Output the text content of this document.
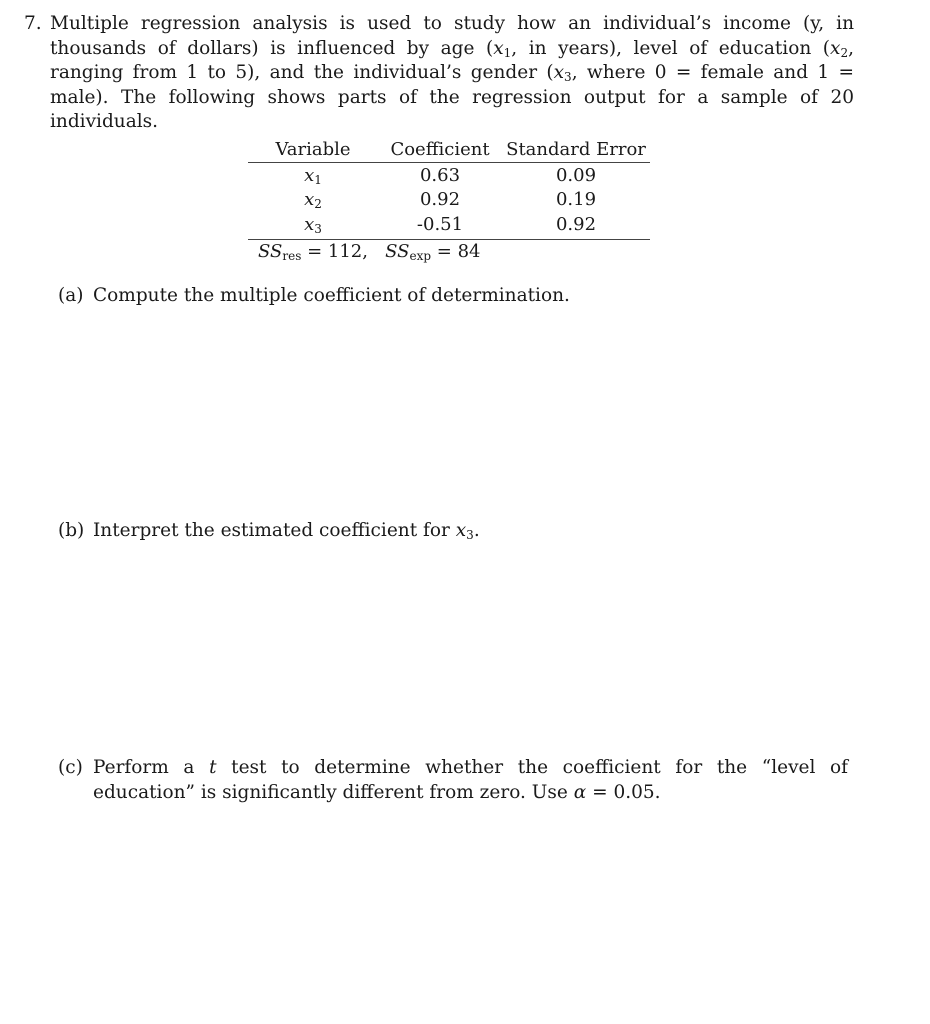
7. Multiple regression analysis is used to study how an individual’s income (y, in thousands of dollars) is influenced by age ($x_1$, in years), level of education ($x_2$, ranging from 1 to 5), and the individual’s gender ($x_3$, where 0 = female and 1 = male). The following shows parts of the regression output for a sample of 20 individuals.
Variable	Coefficient	Standard Error
$x_1$	0.63	0.09
$x_2$	0.92	0.19
$x_3$	-0.51	0.92
$SS_{res} = 112$, $SS_{exp} = 84$
(a) Compute the multiple coefficient of determination.
(b) Interpret the estimated coefficient for $x_3$.
(c) Perform a t test to determine whether the coefficient for the “level of education” is significantly different from zero. Use α = 0.05.
